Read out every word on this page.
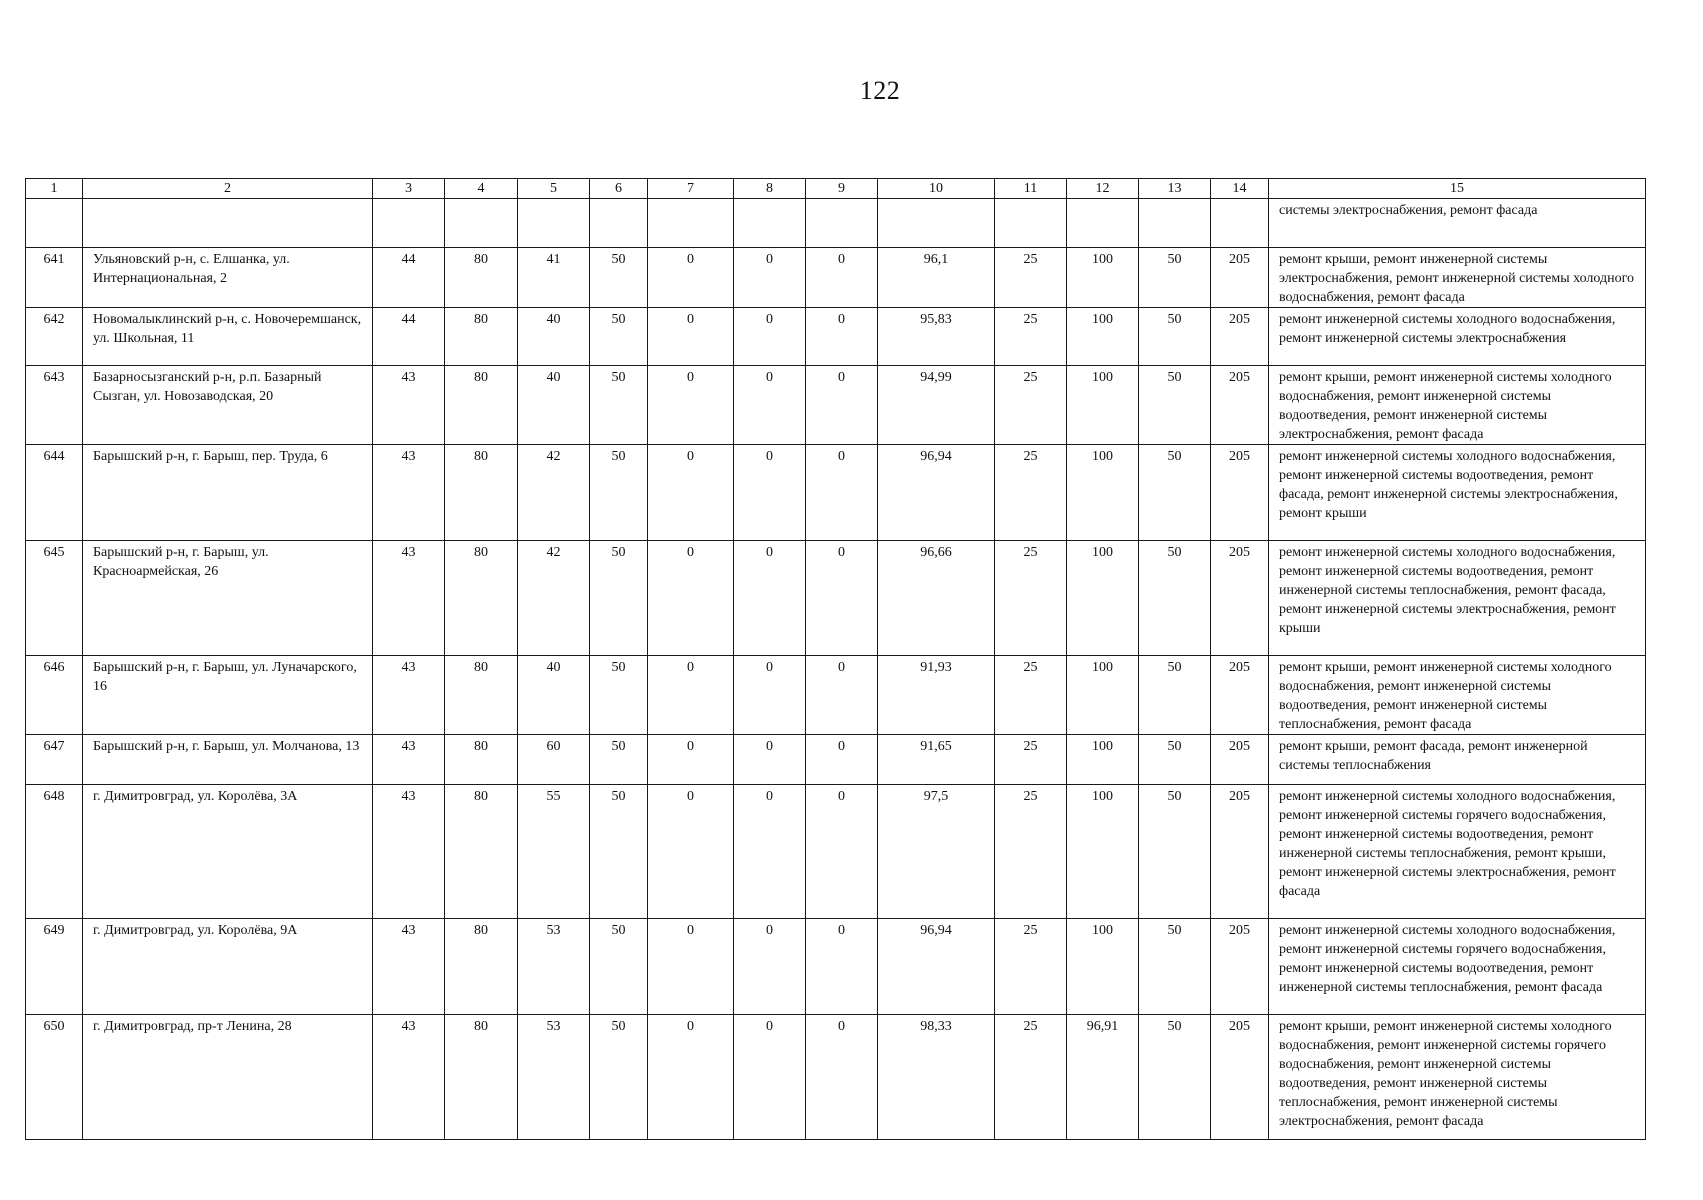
122
1	2	3	4	5	6	7	8	9	10	11	12	13	14	15
														системы электроснабжения, ремонт фасада
641	Ульяновский р-н, с. Елшанка, ул. Интернациональная, 2	44	80	41	50	0	0	0	96,1	25	100	50	205	ремонт крыши, ремонт инженерной системы электроснабжения, ремонт инженерной системы холодного водоснабжения, ремонт фасада
642	Новомалыклинский р-н, с. Новочеремшанск, ул. Школьная, 11	44	80	40	50	0	0	0	95,83	25	100	50	205	ремонт инженерной системы холодного водоснабжения, ремонт инженерной системы электроснабжения
643	Базарносызганский р-н, р.п. Базарный Сызган, ул. Новозаводская, 20	43	80	40	50	0	0	0	94,99	25	100	50	205	ремонт крыши, ремонт инженерной системы холодного водоснабжения, ремонт инженерной системы водоотведения, ремонт инженерной системы электроснабжения, ремонт фасада
644	Барышский р-н, г. Барыш, пер. Труда, 6	43	80	42	50	0	0	0	96,94	25	100	50	205	ремонт инженерной системы холодного водоснабжения, ремонт инженерной системы водоотведения, ремонт фасада, ремонт инженерной системы электроснабжения, ремонт крыши
645	Барышский р-н, г. Барыш, ул. Красноармейская, 26	43	80	42	50	0	0	0	96,66	25	100	50	205	ремонт инженерной системы холодного водоснабжения, ремонт инженерной системы водоотведения, ремонт инженерной системы теплоснабжения, ремонт фасада, ремонт инженерной системы электроснабжения, ремонт крыши
646	Барышский р-н, г. Барыш, ул. Луначарского, 16	43	80	40	50	0	0	0	91,93	25	100	50	205	ремонт крыши, ремонт инженерной системы холодного водоснабжения, ремонт инженерной системы водоотведения, ремонт инженерной системы теплоснабжения, ремонт фасада
647	Барышский р-н, г. Барыш, ул. Молчанова, 13	43	80	60	50	0	0	0	91,65	25	100	50	205	ремонт крыши, ремонт фасада, ремонт инженерной системы теплоснабжения
648	г. Димитровград, ул. Королёва, 3А	43	80	55	50	0	0	0	97,5	25	100	50	205	ремонт инженерной системы холодного водоснабжения, ремонт инженерной системы горячего водоснабжения, ремонт инженерной системы водоотведения, ремонт инженерной системы теплоснабжения, ремонт крыши, ремонт инженерной системы электроснабжения, ремонт фасада
649	г. Димитровград, ул. Королёва, 9А	43	80	53	50	0	0	0	96,94	25	100	50	205	ремонт инженерной системы холодного водоснабжения, ремонт инженерной системы горячего водоснабжения, ремонт инженерной системы водоотведения, ремонт инженерной системы теплоснабжения, ремонт фасада
650	г. Димитровград, пр-т Ленина, 28	43	80	53	50	0	0	0	98,33	25	96,91	50	205	ремонт крыши, ремонт инженерной системы холодного водоснабжения, ремонт инженерной системы горячего водоснабжения, ремонт инженерной системы водоотведения, ремонт инженерной системы теплоснабжения, ремонт инженерной системы электроснабжения, ремонт фасада
